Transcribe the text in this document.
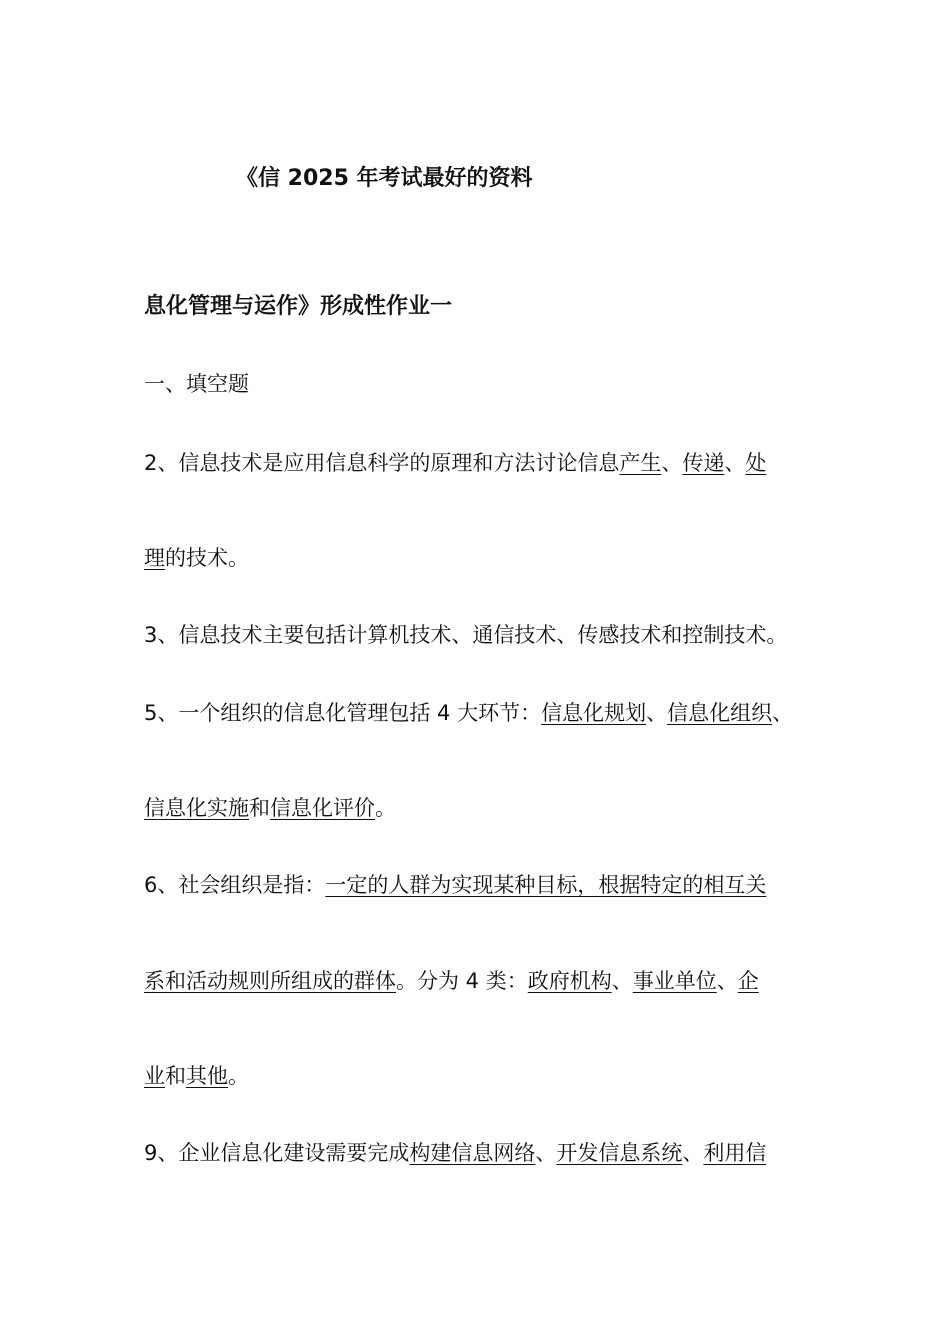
《信 2025 年考试最好的资料

息化管理与运作》形成性作业一

一、填空题

2、信息技术是应用信息科学的原理和方法讨论信息产生、传递、处

理的技术。

3、信息技术主要包括计算机技术、通信技术、传感技术和控制技术。

5、一个组织的信息化管理包括 4 大环节：信息化规划、信息化组织、

信息化实施和信息化评价。

6、社会组织是指：一定的人群为实现某种目标，根据特定的相互关

系和活动规则所组成的群体。分为 4 类：政府机构、事业单位、企

业和其他。

9、企业信息化建设需要完成构建信息网络、开发信息系统、利用信
